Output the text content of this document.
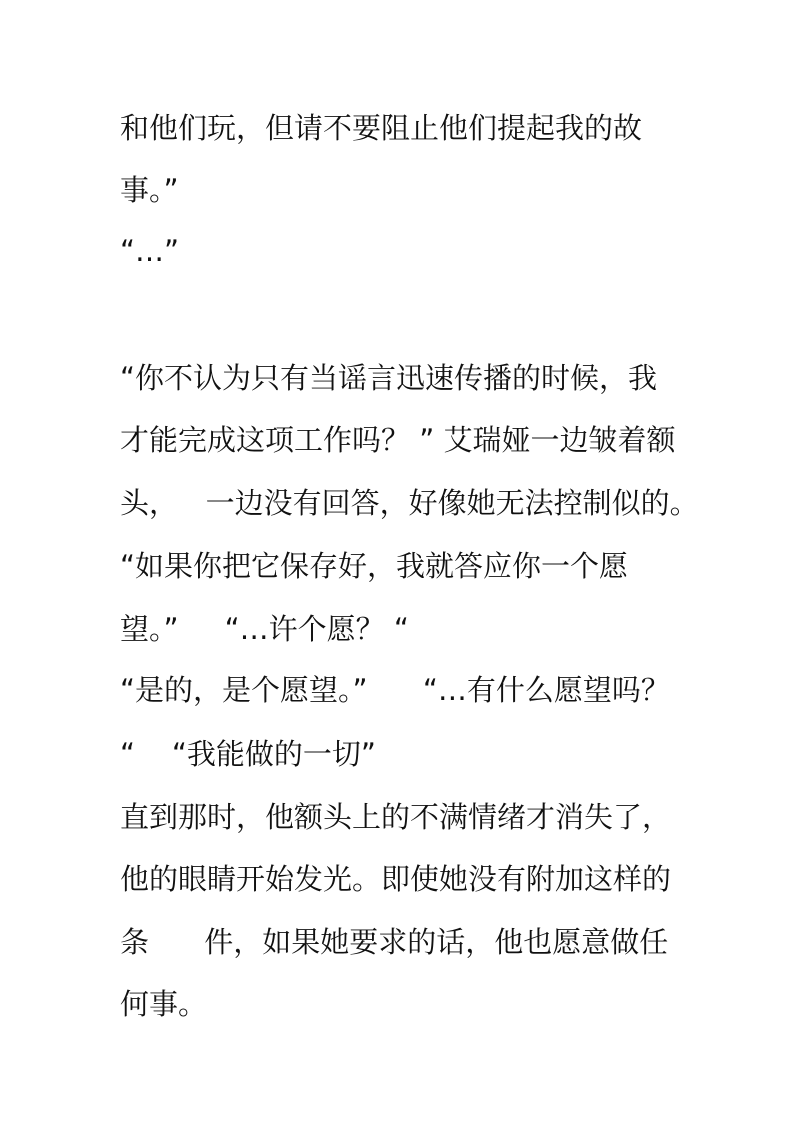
和他们玩，但请不要阻止他们提起我的故

事。”

“…”

“你不认为只有当谣言迅速传播的时候，我

才能完成这项工作吗？ ” 艾瑞娅一边皱着额

头，   一边没有回答，好像她无法控制似的。

“如果你把它保存好，我就答应你一个愿

望。”     “…许个愿？ “

“是的，是个愿望。”      “…有什么愿望吗？

“    “我能做的一切”

直到那时，他额头上的不满情绪才消失了，

他的眼睛开始发光。即使她没有附加这样的

条      件，如果她要求的话，他也愿意做任

何事。
